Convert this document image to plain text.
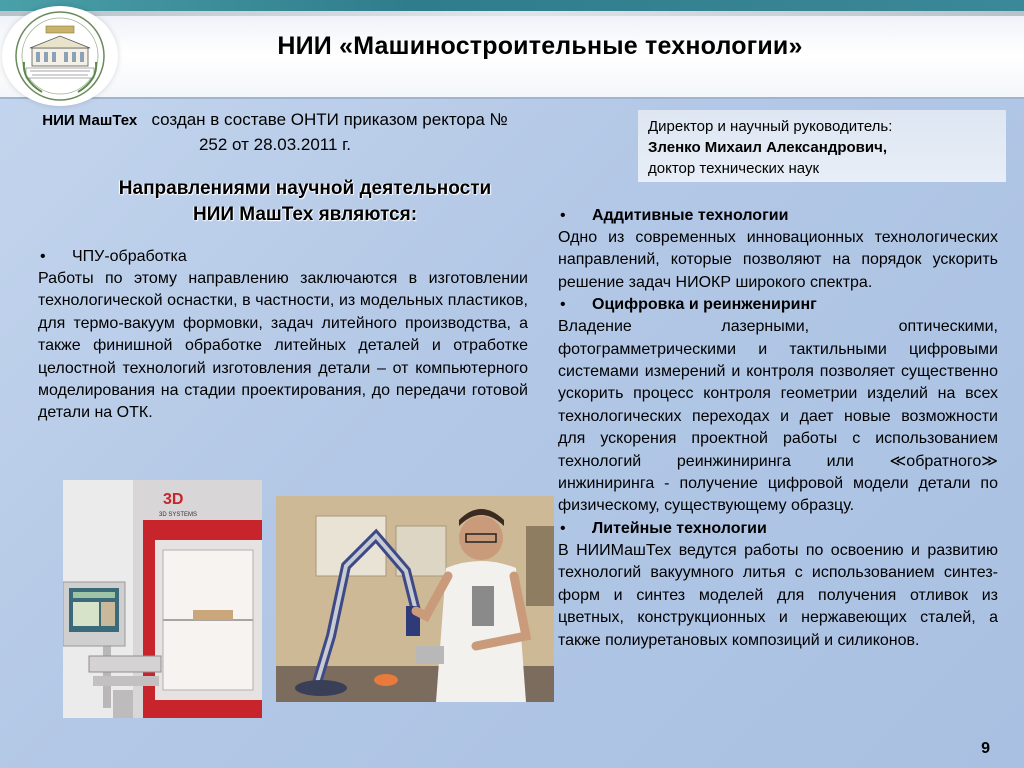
НИИ «Машиностроительные технологии»
НИИ МашТех создан в составе ОНТИ приказом ректора № 252 от 28.03.2011 г.
Директор и научный руководитель:
Зленко Михаил Александрович,
доктор технических наук
Направлениями научной деятельности
НИИ МашТех являются:
•	ЧПУ-обработка

Работы по этому направлению заключаются в изготовлении технологической оснастки, в частности, из модельных пластиков, для термо-вакуум формовки, задач литейного производства, а также финишной обработке литейных деталей и отработке целостной технологий изготовления детали – от компьютерного моделирования на стадии проектирования, до передачи готовой детали на ОТК.

•	Аддитивные технологии

Одно из современных инновационных технологических направлений, которые позволяют на порядок ускорить решение задач НИОКР широкого спектра.

•	Оцифровка и реинжениринг

Владение лазерными, оптическими, фотограмметрическими и тактильными цифровыми системами измерений и контроля позволяет существенно ускорить процесс контроля геометрии изделий на всех технологических переходах и дает новые возможности для ускорения проектной работы с использованием технологий реинжиниринга или ≪обратного≫ инжиниринга - получение цифровой модели детали по физическому, существующему образцу.

•	Литейные технологии

В НИИМашТех ведутся работы по освоению и развитию технологий вакуумного литья с использованием синтез-форм и синтез моделей для получения отливок из цветных, конструкционных и нержавеющих сталей, а также полиуретановых композиций и силиконов.

3D
3D SYSTEMS
9
